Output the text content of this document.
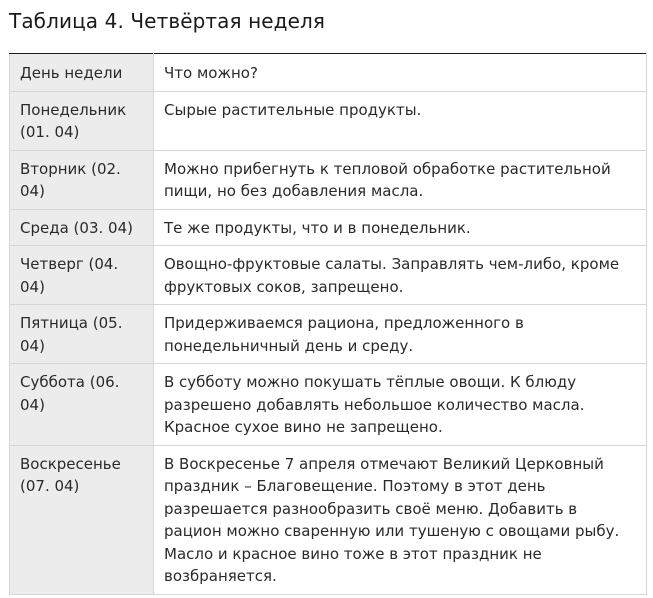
Таблица 4. Четвёртая неделя
День недели	Что можно?
Понедельник (01. 04)	Сырые растительные продукты.
Вторник (02. 04)	Можно прибегнуть к тепловой обработке растительной пищи, но без добавления масла.
Среда (03. 04)	Те же продукты, что и в понедельник.
Четверг (04. 04)	Овощно-фруктовые салаты. Заправлять чем-либо, кроме фруктовых соков, запрещено.
Пятница (05. 04)	Придерживаемся рациона, предложенного в понедельничный день и среду.
Суббота (06. 04)	В субботу можно покушать тёплые овощи. К блюду разрешено добавлять небольшое количество масла. Красное сухое вино не запрещено.
Воскресенье (07. 04)	В Воскресенье 7 апреля отмечают Великий Церковный праздник – Благовещение. Поэтому в этот день разрешается разнообразить своё меню. Добавить в рацион можно сваренную или тушеную с овощами рыбу. Масло и красное вино тоже в этот праздник не возбраняется.
